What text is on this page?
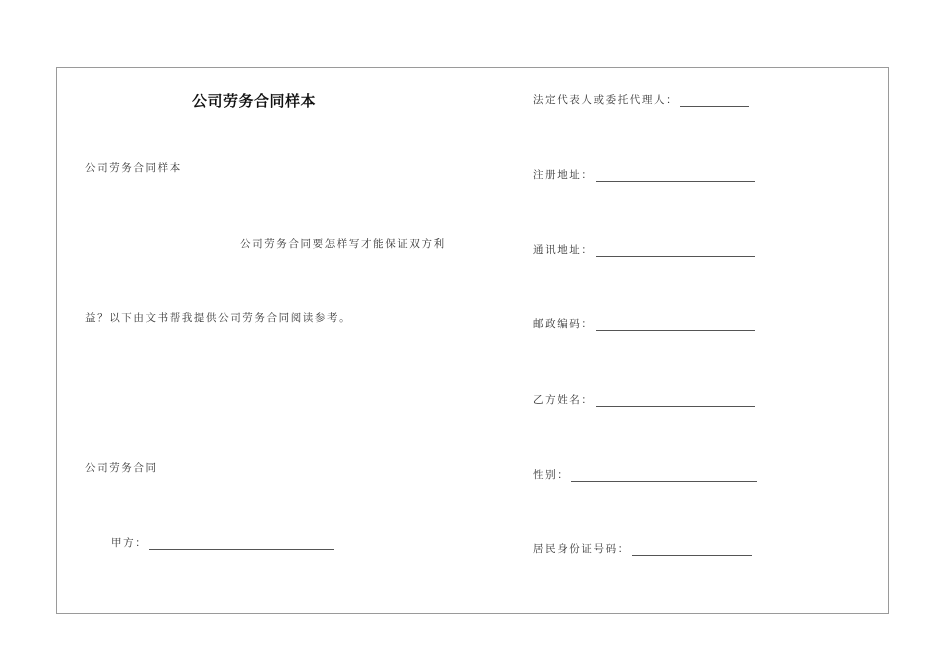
公司劳务合同样本
公司劳务合同样本
公司劳务合同要怎样写才能保证双方利
益？以下由文书帮我提供公司劳务合同阅读参考。
公司劳务合同
甲方：
法定代表人或委托代理人：
注册地址：
通讯地址：
邮政编码：
乙方姓名：
性别：
居民身份证号码：
